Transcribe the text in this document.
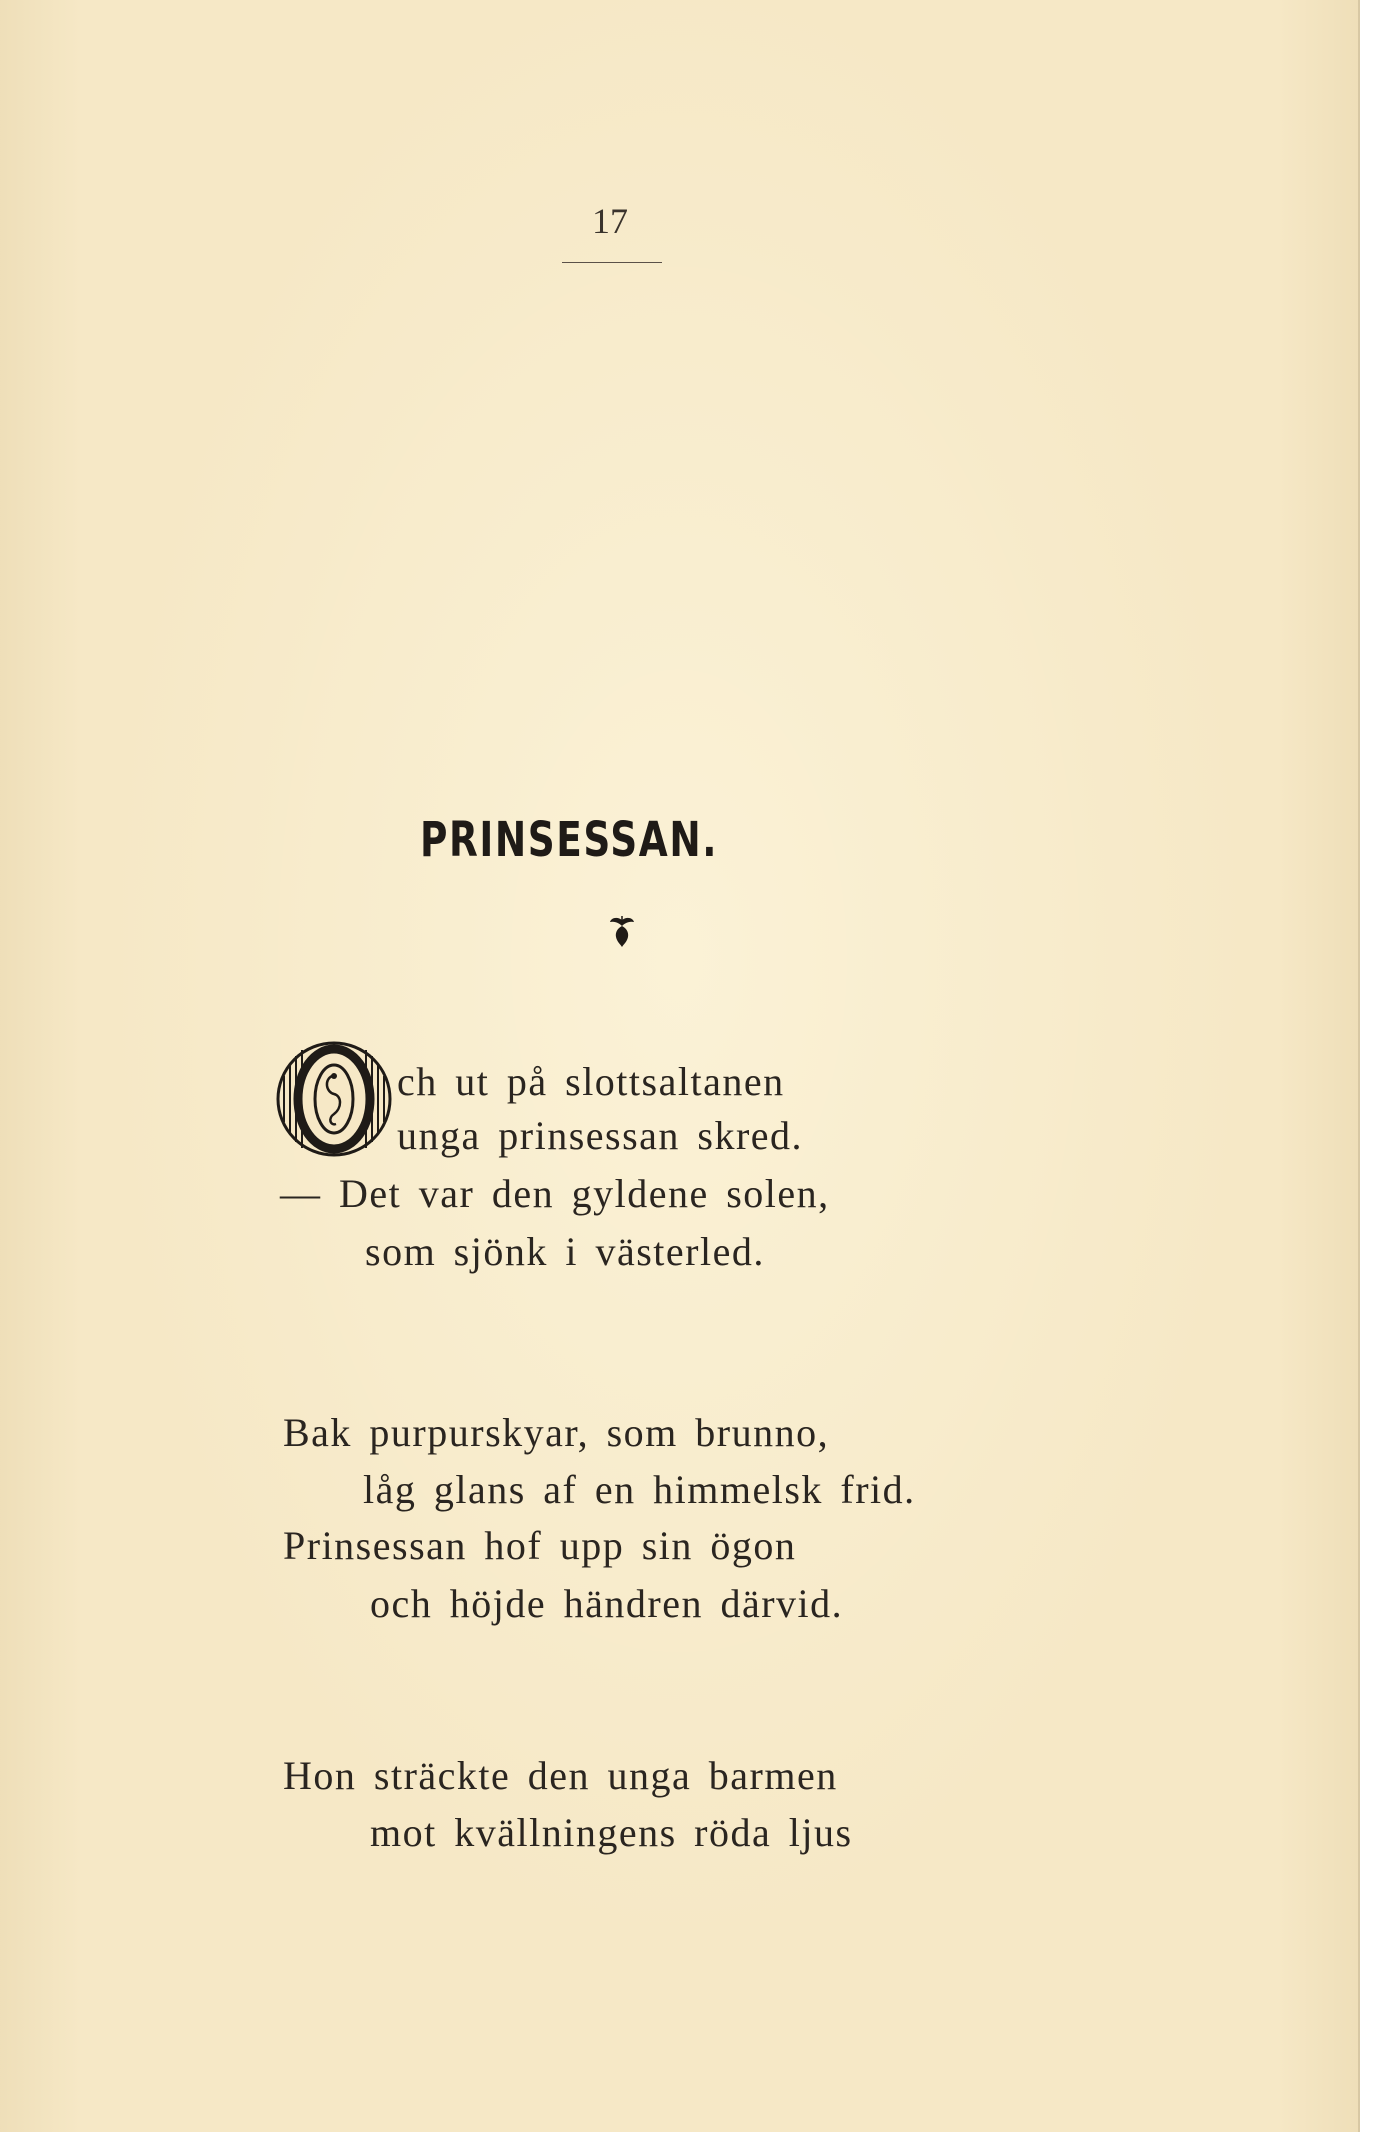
17
PRINSESSAN.
ch ut på slottsaltanen
unga prinsessan skred.
— Det var den gyldene solen,
som sjönk i västerled.
Bak purpurskyar, som brunno,
låg glans af en himmelsk frid.
Prinsessan hof upp sin ögon
och höjde händren därvid.
Hon sträckte den unga barmen
mot kvällningens röda ljus
